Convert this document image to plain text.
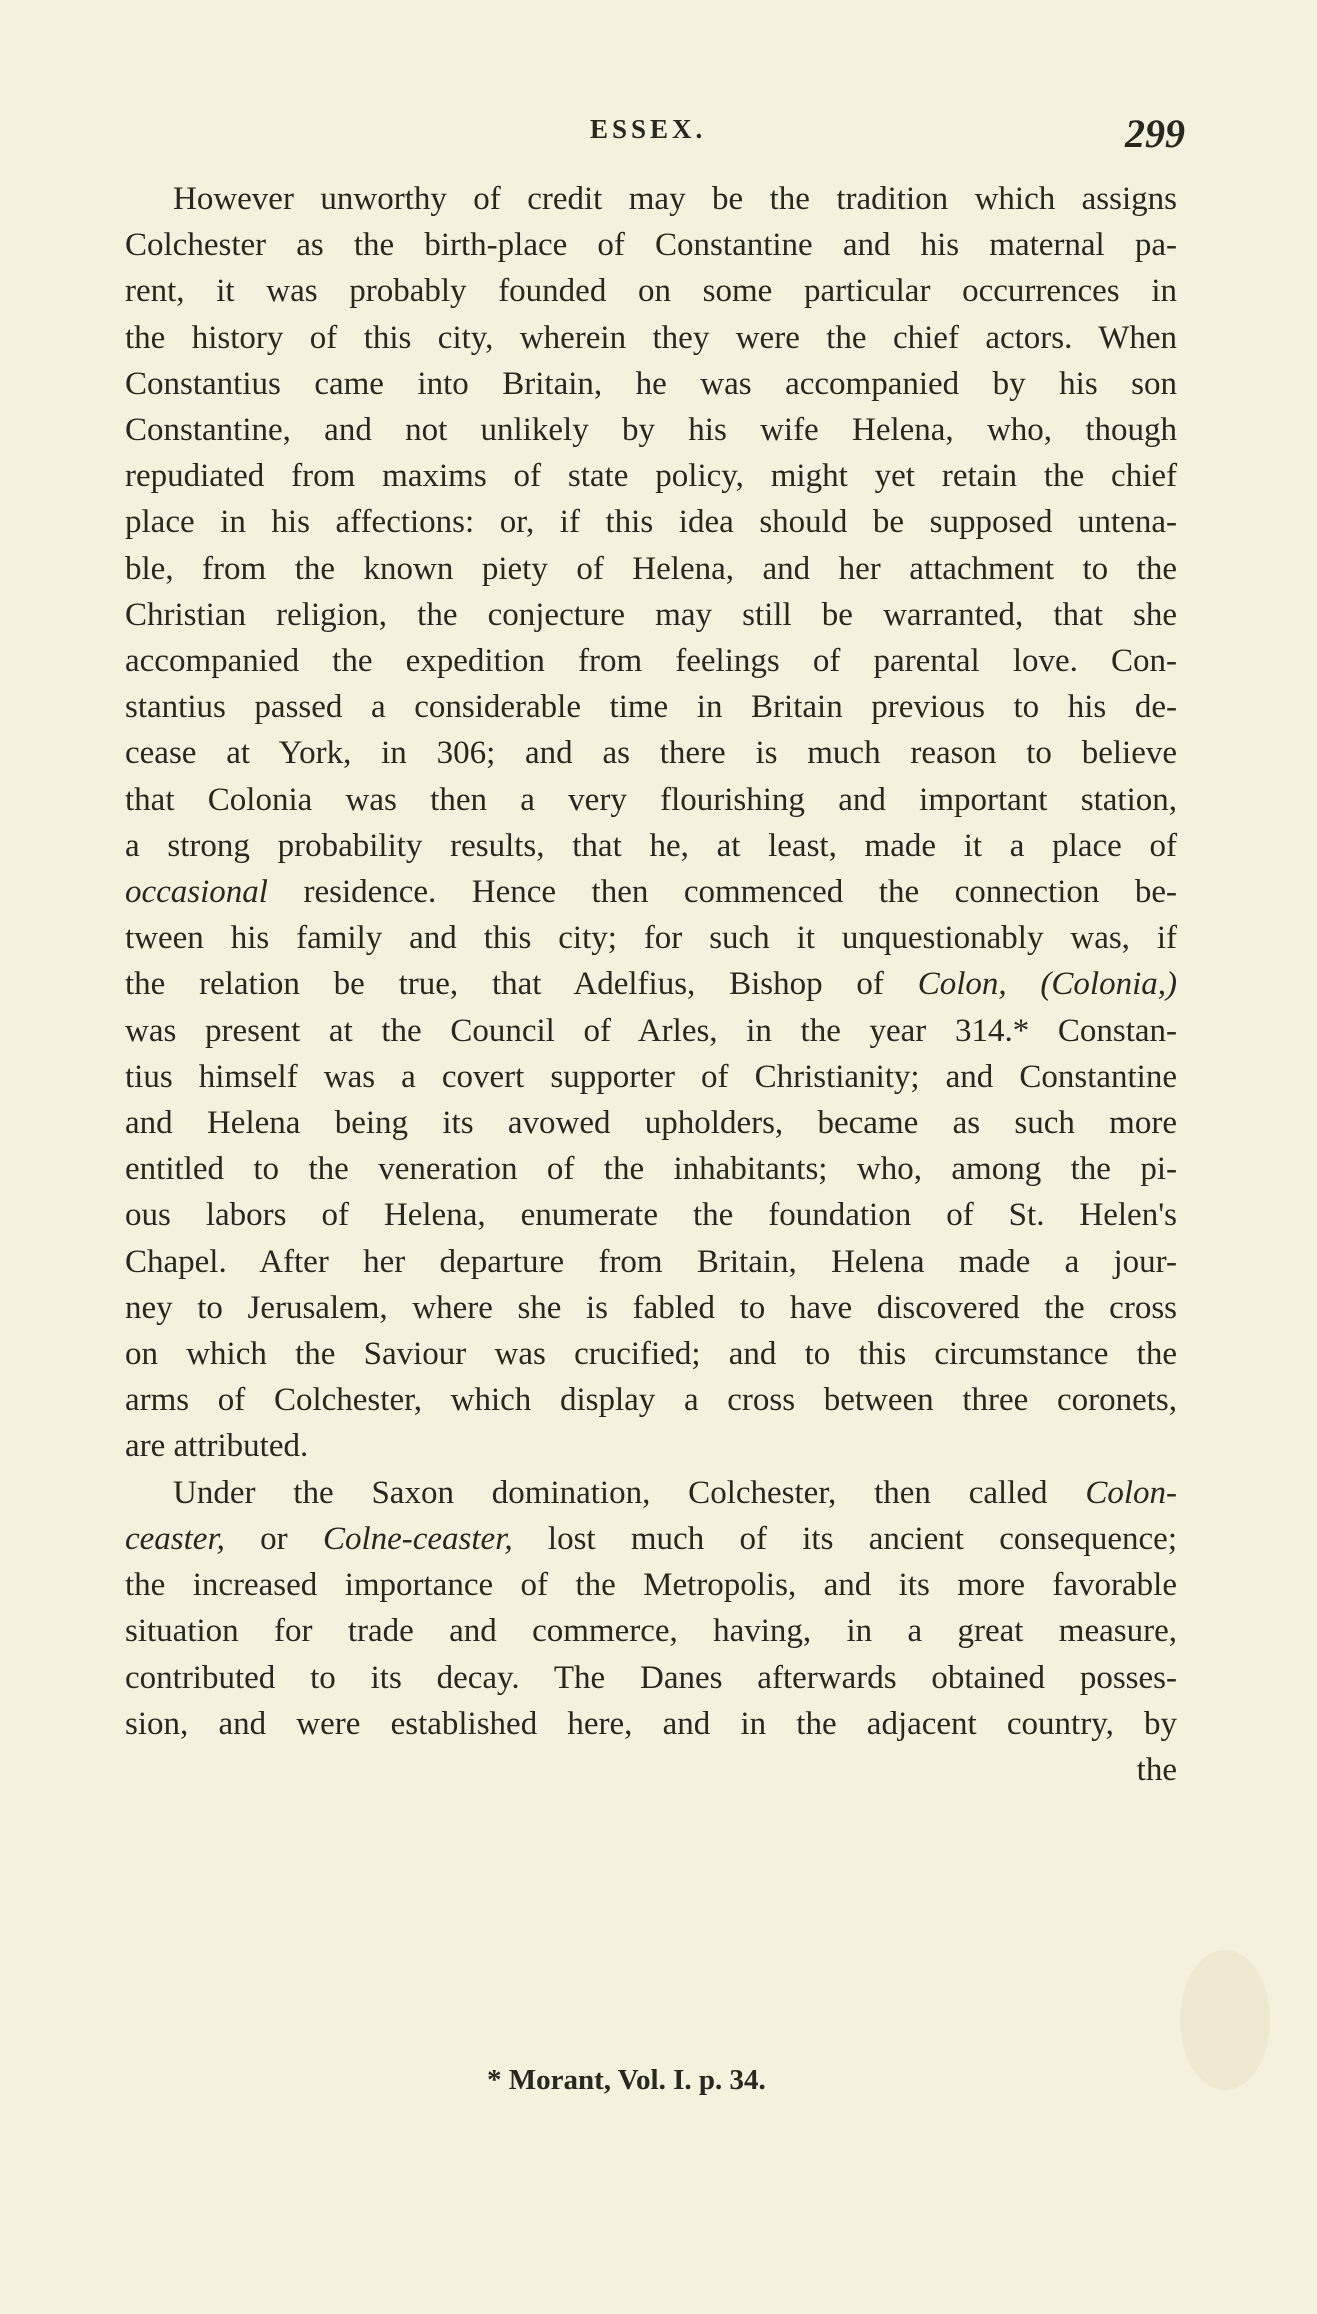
ESSEX.	299
However unworthy of credit may be the tradition which assigns
Colchester as the birth-place of Constantine and his maternal pa-
rent, it was probably founded on some particular occurrences in
the history of this city, wherein they were the chief actors. When
Constantius came into Britain, he was accompanied by his son
Constantine, and not unlikely by his wife Helena, who, though
repudiated from maxims of state policy, might yet retain the chief
place in his affections: or, if this idea should be supposed untena-
ble, from the known piety of Helena, and her attachment to the
Christian religion, the conjecture may still be warranted, that she
accompanied the expedition from feelings of parental love. Con-
stantius passed a considerable time in Britain previous to his de-
cease at York, in 306; and as there is much reason to believe
that Colonia was then a very flourishing and important station,
a strong probability results, that he, at least, made it a place of
occasional residence. Hence then commenced the connection be-
tween his family and this city; for such it unquestionably was, if
the relation be true, that Adelfius, Bishop of Colon, (Colonia,)
was present at the Council of Arles, in the year 314.* Constan-
tius himself was a covert supporter of Christianity; and Constantine
and Helena being its avowed upholders, became as such more
entitled to the veneration of the inhabitants; who, among the pi-
ous labors of Helena, enumerate the foundation of St. Helen's
Chapel. After her departure from Britain, Helena made a jour-
ney to Jerusalem, where she is fabled to have discovered the cross
on which the Saviour was crucified; and to this circumstance the
arms of Colchester, which display a cross between three coronets,
are attributed.
Under the Saxon domination, Colchester, then called Colon-
ceaster, or Colne-ceaster, lost much of its ancient consequence;
the increased importance of the Metropolis, and its more favorable
situation for trade and commerce, having, in a great measure,
contributed to its decay. The Danes afterwards obtained posses-
sion, and were established here, and in the adjacent country, by
the
* Morant, Vol. I. p. 34.
